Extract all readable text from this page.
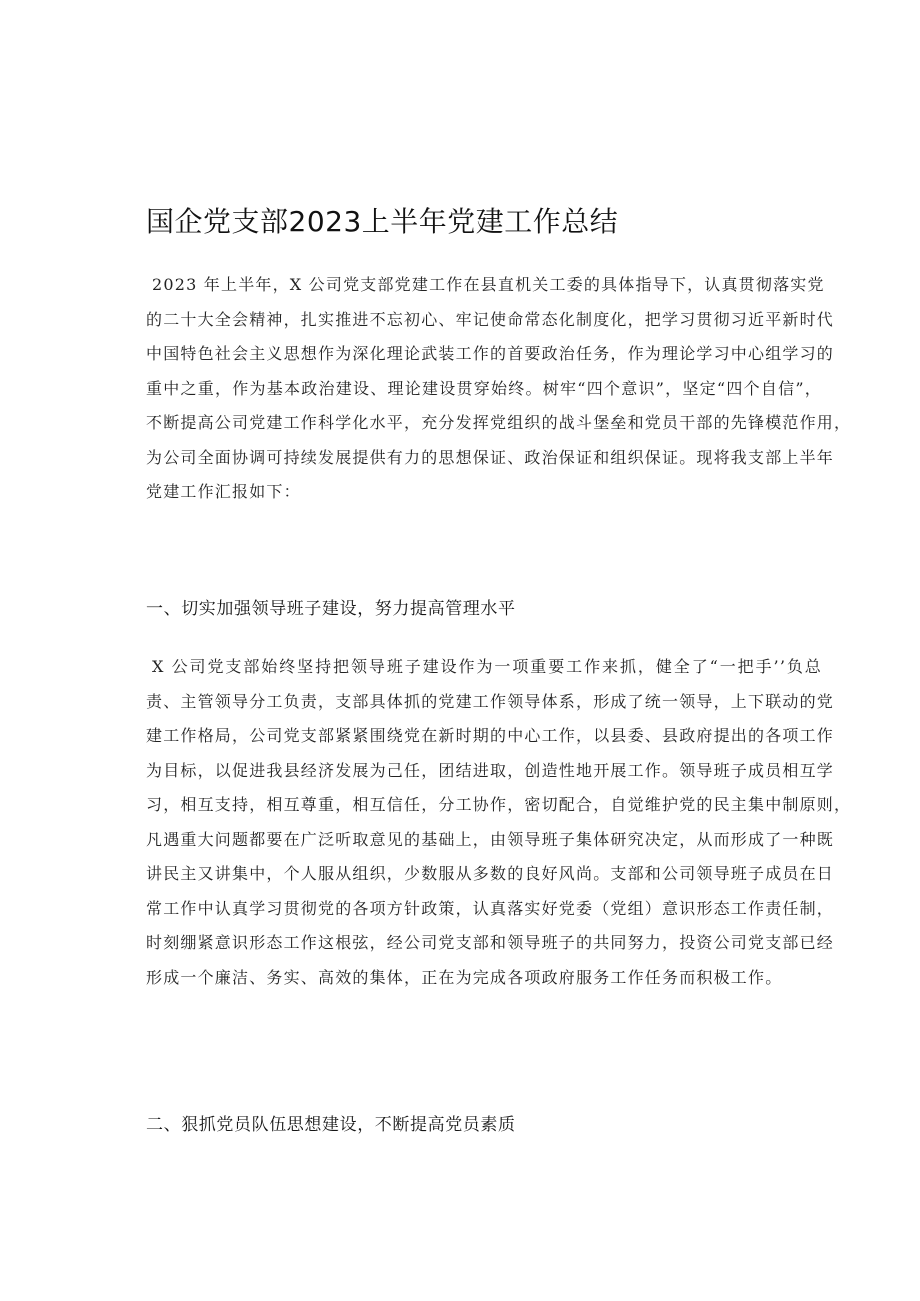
国企党支部2023上半年党建工作总结
2023 年上半年，X 公司党支部党建工作在县直机关工委的具体指导下，认真贯彻落实党
的二十大全会精神，扎实推进不忘初心、牢记使命常态化制度化，把学习贯彻习近平新时代
中国特色社会主义思想作为深化理论武装工作的首要政治任务，作为理论学习中心组学习的
重中之重，作为基本政治建设、理论建设贯穿始终。树牢“四个意识”，坚定“四个自信”，
不断提高公司党建工作科学化水平，充分发挥党组织的战斗堡垒和党员干部的先锋模范作用，
为公司全面协调可持续发展提供有力的思想保证、政治保证和组织保证。现将我支部上半年
党建工作汇报如下：
一、切实加强领导班子建设，努力提高管理水平
X 公司党支部始终坚持把领导班子建设作为一项重要工作来抓，健全了“一把手’’负总
责、主管领导分工负责，支部具体抓的党建工作领导体系，形成了统一领导，上下联动的党
建工作格局，公司党支部紧紧围绕党在新时期的中心工作，以县委、县政府提出的各项工作
为目标，以促进我县经济发展为己任，团结进取，创造性地开展工作。领导班子成员相互学
习，相互支持，相互尊重，相互信任，分工协作，密切配合，自觉维护党的民主集中制原则，
凡遇重大问题都要在广泛听取意见的基础上，由领导班子集体研究决定，从而形成了一种既
讲民主又讲集中，个人服从组织，少数服从多数的良好风尚。支部和公司领导班子成员在日
常工作中认真学习贯彻党的各项方针政策，认真落实好党委（党组）意识形态工作责任制，
时刻绷紧意识形态工作这根弦，经公司党支部和领导班子的共同努力，投资公司党支部已经
形成一个廉洁、务实、高效的集体，正在为完成各项政府服务工作任务而积极工作。
二、狠抓党员队伍思想建设，不断提高党员素质
